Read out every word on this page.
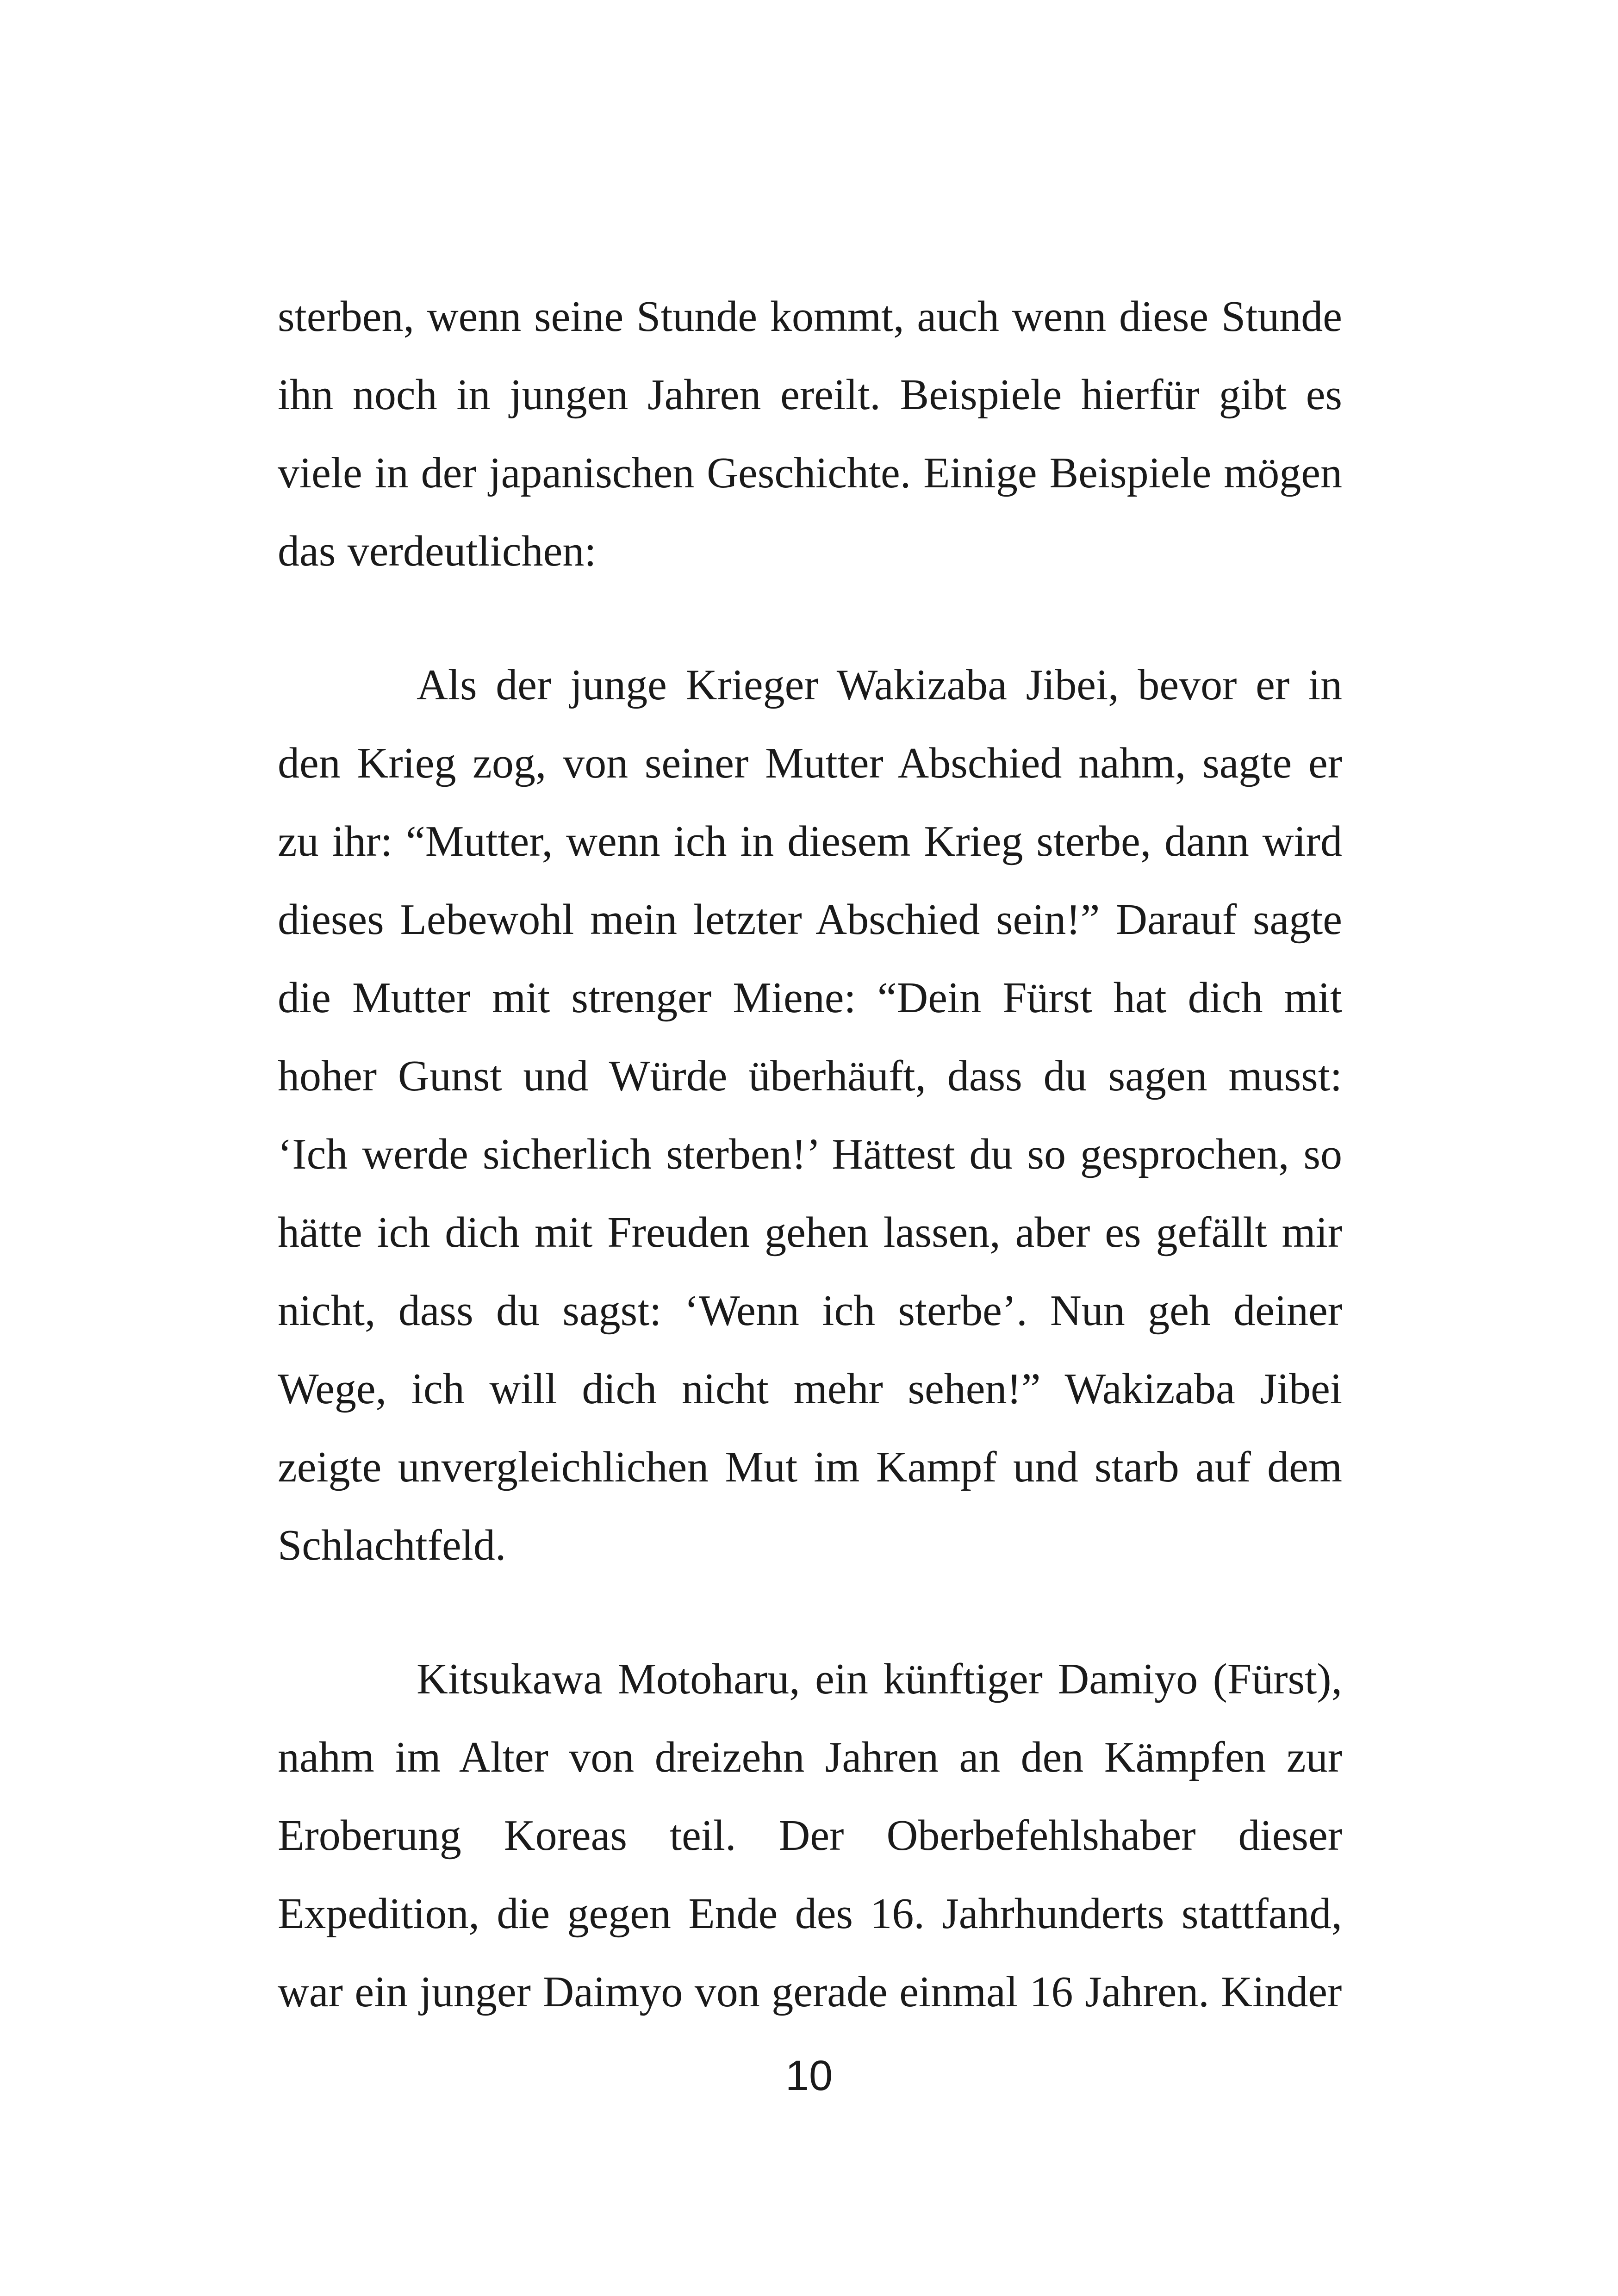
sterben, wenn seine Stunde kommt, auch wenn diese Stunde ihn noch in jungen Jahren ereilt. Beispiele hierfür gibt es viele in der japanischen Geschichte. Einige Beispiele mögen das verdeutlichen:

Als der junge Krieger Wakizaba Jibei, bevor er in den Krieg zog, von seiner Mutter Abschied nahm, sagte er zu ihr: “Mutter, wenn ich in diesem Krieg sterbe, dann wird dieses Lebewohl mein letzter Abschied sein!” Darauf sagte die Mutter mit strenger Miene: “Dein Fürst hat dich mit hoher Gunst und Würde überhäuft, dass du sagen musst: ‘Ich werde sicherlich sterben!’ Hättest du so gesprochen, so hätte ich dich mit Freuden gehen lassen, aber es gefällt mir nicht, dass du sagst: ‘Wenn ich sterbe’. Nun geh deiner Wege, ich will dich nicht mehr sehen!” Wakizaba Jibei zeigte unvergleichlichen Mut im Kampf und starb auf dem Schlachtfeld.

Kitsukawa Motoharu, ein künftiger Damiyo (Fürst), nahm im Alter von dreizehn Jahren an den Kämpfen zur Eroberung Koreas teil. Der Oberbefehlshaber dieser Expedition, die gegen Ende des 16. Jahrhunderts stattfand, war ein junger Daimyo von gerade einmal 16 Jahren. Kinder

10
